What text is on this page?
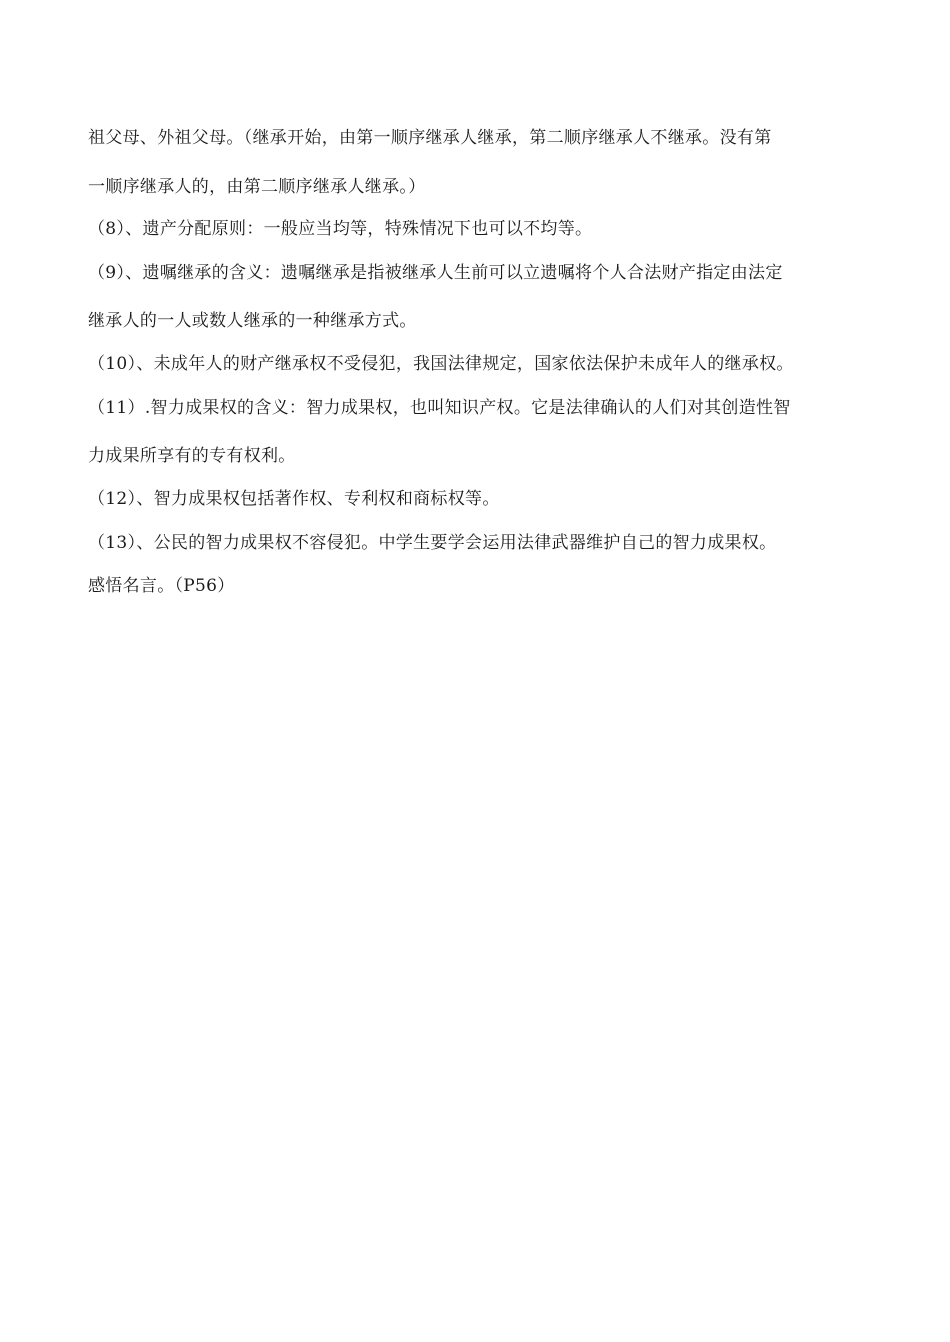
祖父母、外祖父母。（继承开始，由第一顺序继承人继承，第二顺序继承人不继承。没有第
一顺序继承人的，由第二顺序继承人继承。）
（8）、遗产分配原则：一般应当均等，特殊情况下也可以不均等。
（9）、遗嘱继承的含义：遗嘱继承是指被继承人生前可以立遗嘱将个人合法财产指定由法定
继承人的一人或数人继承的一种继承方式。
（10）、未成年人的财产继承权不受侵犯，我国法律规定，国家依法保护未成年人的继承权。
（11）.智力成果权的含义：智力成果权，也叫知识产权。它是法律确认的人们对其创造性智
力成果所享有的专有权利。
（12）、智力成果权包括著作权、专利权和商标权等。
（13）、公民的智力成果权不容侵犯。中学生要学会运用法律武器维护自己的智力成果权。
感悟名言。（P56）
